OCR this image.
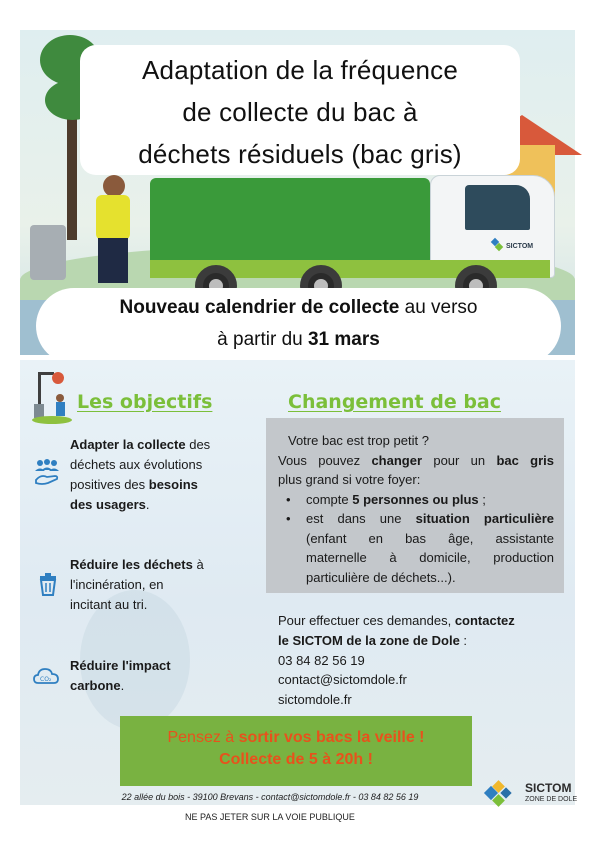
SICTOM
Adaptation de la fréquence
de collecte du bac à
déchets résiduels (bac gris)
Nouveau calendrier de collecte au verso
à partir du 31 mars
Les objectifs	Changement de bac
CO₂
Adapter la collecte des
déchets aux évolutions
positives des besoins
des usagers.
Réduire les déchets à
l'incinération, en
incitant au tri.
Réduire l'impact
carbone.
Votre bac est trop petit ?
Vous pouvez changer pour un bac gris
plus grand si votre foyer:
• compte 5 personnes ou plus ;
• est dans une situation particulière
(enfant en bas âge, assistante
maternelle à domicile, production
particulière de déchets...).
Pour effectuer ces demandes, contactez
le SICTOM de la zone de Dole :
03 84 82 56 19
contact@sictomdole.fr
sictomdole.fr
Pensez à sortir vos bacs la veille !
Collecte de 5 à 20h !
22 allée du bois - 39100 Brevans - contact@sictomdole.fr - 03 84 82 56 19
NE PAS JETER SUR LA VOIE PUBLIQUE
SICTOM
ZONE DE DOLE
